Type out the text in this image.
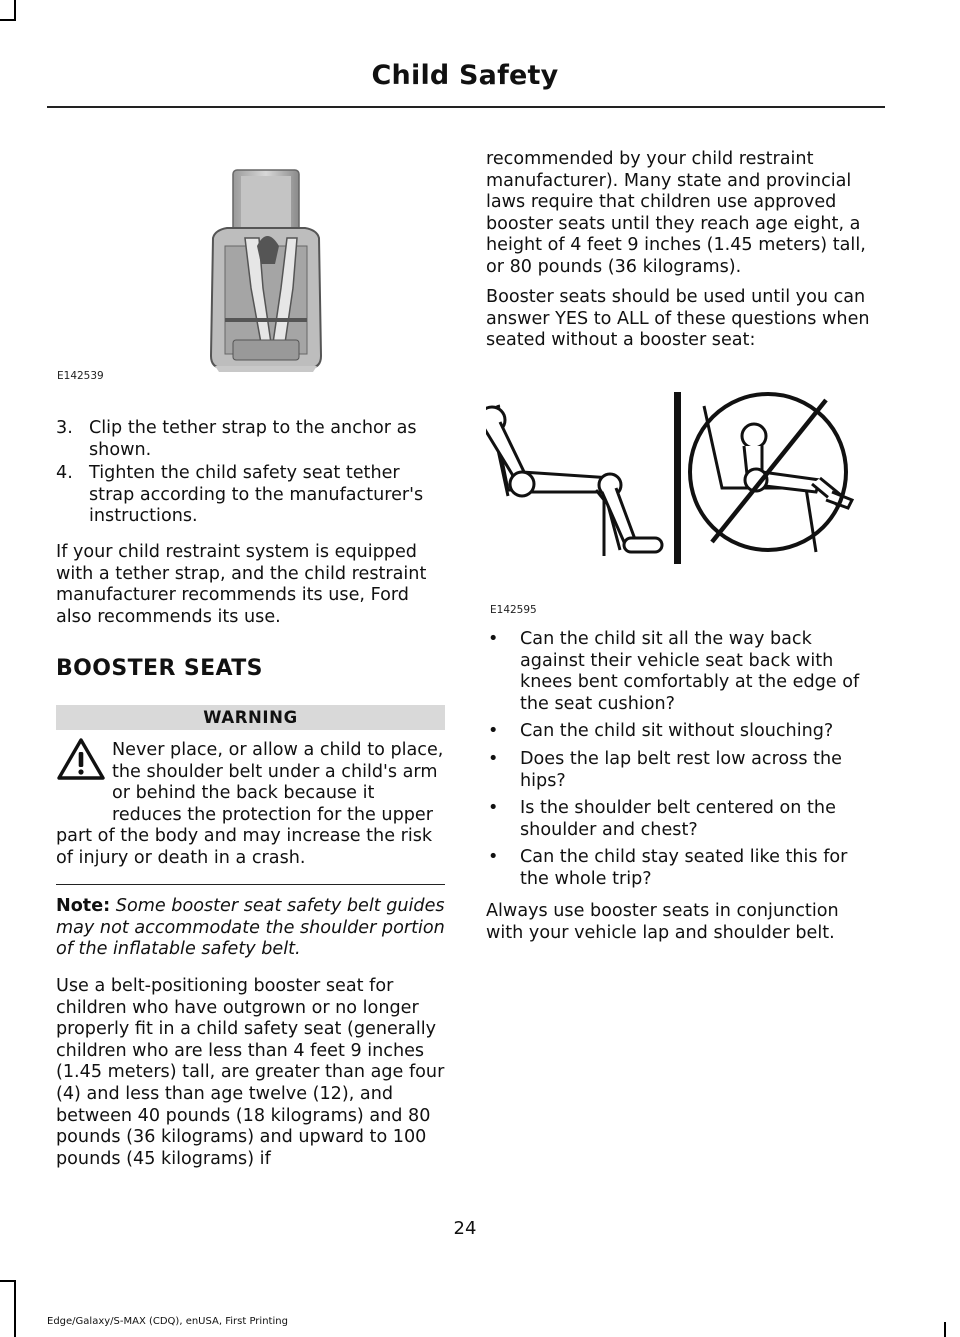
Child Safety
E142539
3. Clip the tether strap to the anchor as shown.
4. Tighten the child safety seat tether strap according to the manufacturer's instructions.

If your child restraint system is equipped with a tether strap, and the child restraint manufacturer recommends its use, Ford also recommends its use.

BOOSTER SEATS
WARNING

Never place, or allow a child to place, the shoulder belt under a child's arm or behind the back because it reduces the protection for the upper part of the body and may increase the risk of injury or death in a crash.

Note: Some booster seat safety belt guides may not accommodate the shoulder portion of the inflatable safety belt.

Use a belt-positioning booster seat for children who have outgrown or no longer properly fit in a child safety seat (generally children who are less than 4 feet 9 inches (1.45 meters) tall, are greater than age four (4) and less than age twelve (12), and between 40 pounds (18 kilograms) and 80 pounds (36 kilograms) and upward to 100 pounds (45 kilograms) if

recommended by your child restraint manufacturer). Many state and provincial laws require that children use approved booster seats until they reach age eight, a height of 4 feet 9 inches (1.45 meters) tall, or 80 pounds (36 kilograms).

Booster seats should be used until you can answer YES to ALL of these questions when seated without a booster seat:

E142595
• Can the child sit all the way back against their vehicle seat back with knees bent comfortably at the edge of the seat cushion?
• Can the child sit without slouching?
• Does the lap belt rest low across the hips?
• Is the shoulder belt centered on the shoulder and chest?
• Can the child stay seated like this for the whole trip?

Always use booster seats in conjunction with your vehicle lap and shoulder belt.

24
Edge/Galaxy/S-MAX (CDQ), enUSA, First Printing
